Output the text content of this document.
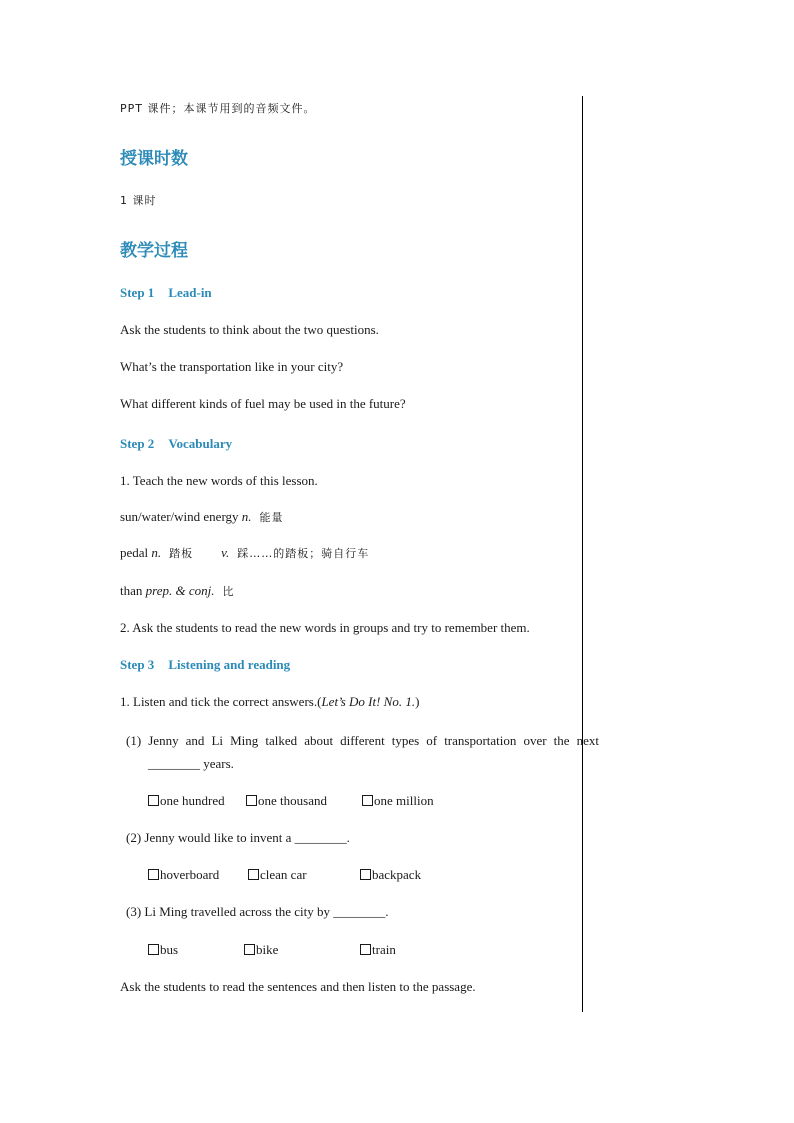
PPT 课件；本课节用到的音频文件。
授课时数
1 课时
教学过程
Step 1 Lead-in
Ask the students to think about the two questions.
What’s the transportation like in your city?
What different kinds of fuel may be used in the future?
Step 2 Vocabulary
1. Teach the new words of this lesson.
sun/water/wind energy n. 能量
pedal n. 踏板 v. 踩……的踏板；骑自行车
than prep. & conj. 比
2. Ask the students to read the new words in groups and try to remember them.
Step 3 Listening and reading
1. Listen and tick the correct answers.(Let’s Do It! No. 1.)
(1) Jenny and Li Ming talked about different types of transportation over the next ________ years.
one hundred	one thousand	one million
(2) Jenny would like to invent a ________.
hoverboard	clean car	backpack
(3) Li Ming travelled across the city by ________.
bus	bike	train
Ask the students to read the sentences and then listen to the passage.
